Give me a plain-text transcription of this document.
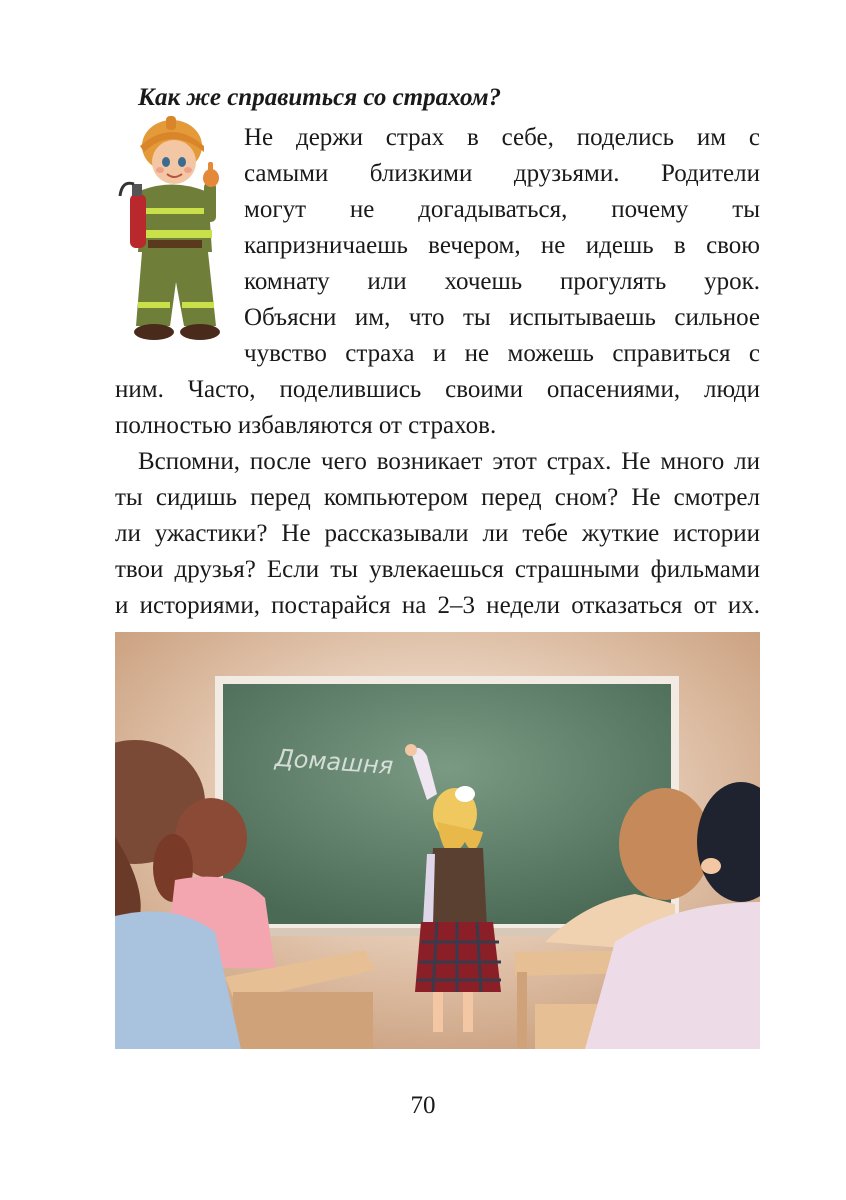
Как же справиться со страхом?

Не держи страх в себе, поделись им с

самыми близкими друзьями. Родители

могут не догадываться, почему ты

капризничаешь вечером, не идешь в свою

комнату или хочешь прогулять урок.

Объясни им, что ты испытываешь сильное

чувство страха и не можешь справиться с

ним. Часто, поделившись своими опасениями, люди

полностью избавляются от страхов.

Вспомни, после чего возникает этот страх. Не много ли

ты сидишь перед компьютером перед сном? Не смотрел

ли ужастики? Не рассказывали ли тебе жуткие истории

твои друзья? Если ты увлекаешься страшными фильмами

и историями, постарайся на 2–3 недели отказаться от их.

Домашня

70
